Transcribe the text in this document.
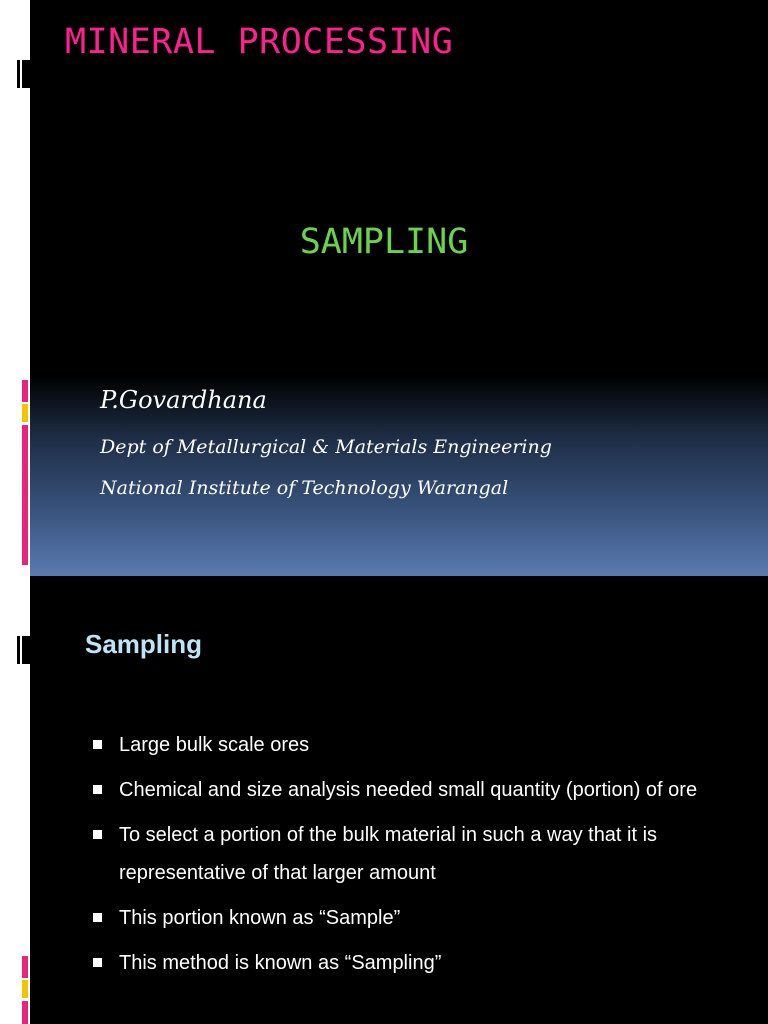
MINERAL PROCESSING
SAMPLING
P.Govardhana
Dept of Metallurgical & Materials Engineering
National Institute of Technology Warangal
Sampling
Large bulk scale ores
Chemical and size analysis needed small quantity (portion) of ore
To select a portion of the bulk material in such a way that it is representative of that larger amount
This portion known as “Sample”
This method is known as “Sampling”
